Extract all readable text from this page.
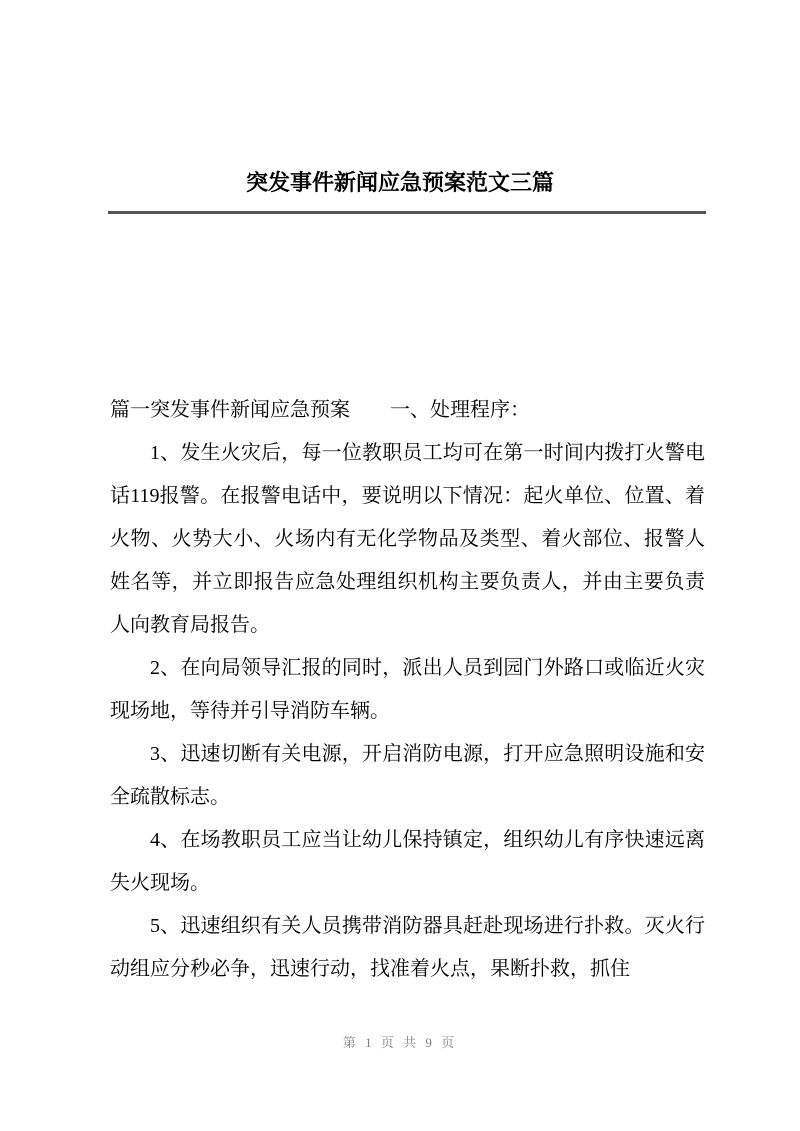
突发事件新闻应急预案范文三篇

篇一突发事件新闻应急预案　　一、处理程序：

1、发生火灾后，每一位教职员工均可在第一时间内拨打火警电话119报警。在报警电话中，要说明以下情况：起火单位、位置、着火物、火势大小、火场内有无化学物品及类型、着火部位、报警人姓名等，并立即报告应急处理组织机构主要负责人，并由主要负责人向教育局报告。

2、在向局领导汇报的同时，派出人员到园门外路口或临近火灾现场地，等待并引导消防车辆。

3、迅速切断有关电源，开启消防电源，打开应急照明设施和安全疏散标志。

4、在场教职员工应当让幼儿保持镇定，组织幼儿有序快速远离失火现场。

5、迅速组织有关人员携带消防器具赶赴现场进行扑救。灭火行动组应分秒必争，迅速行动，找准着火点，果断扑救，抓住

第 1 页 共 9 页
